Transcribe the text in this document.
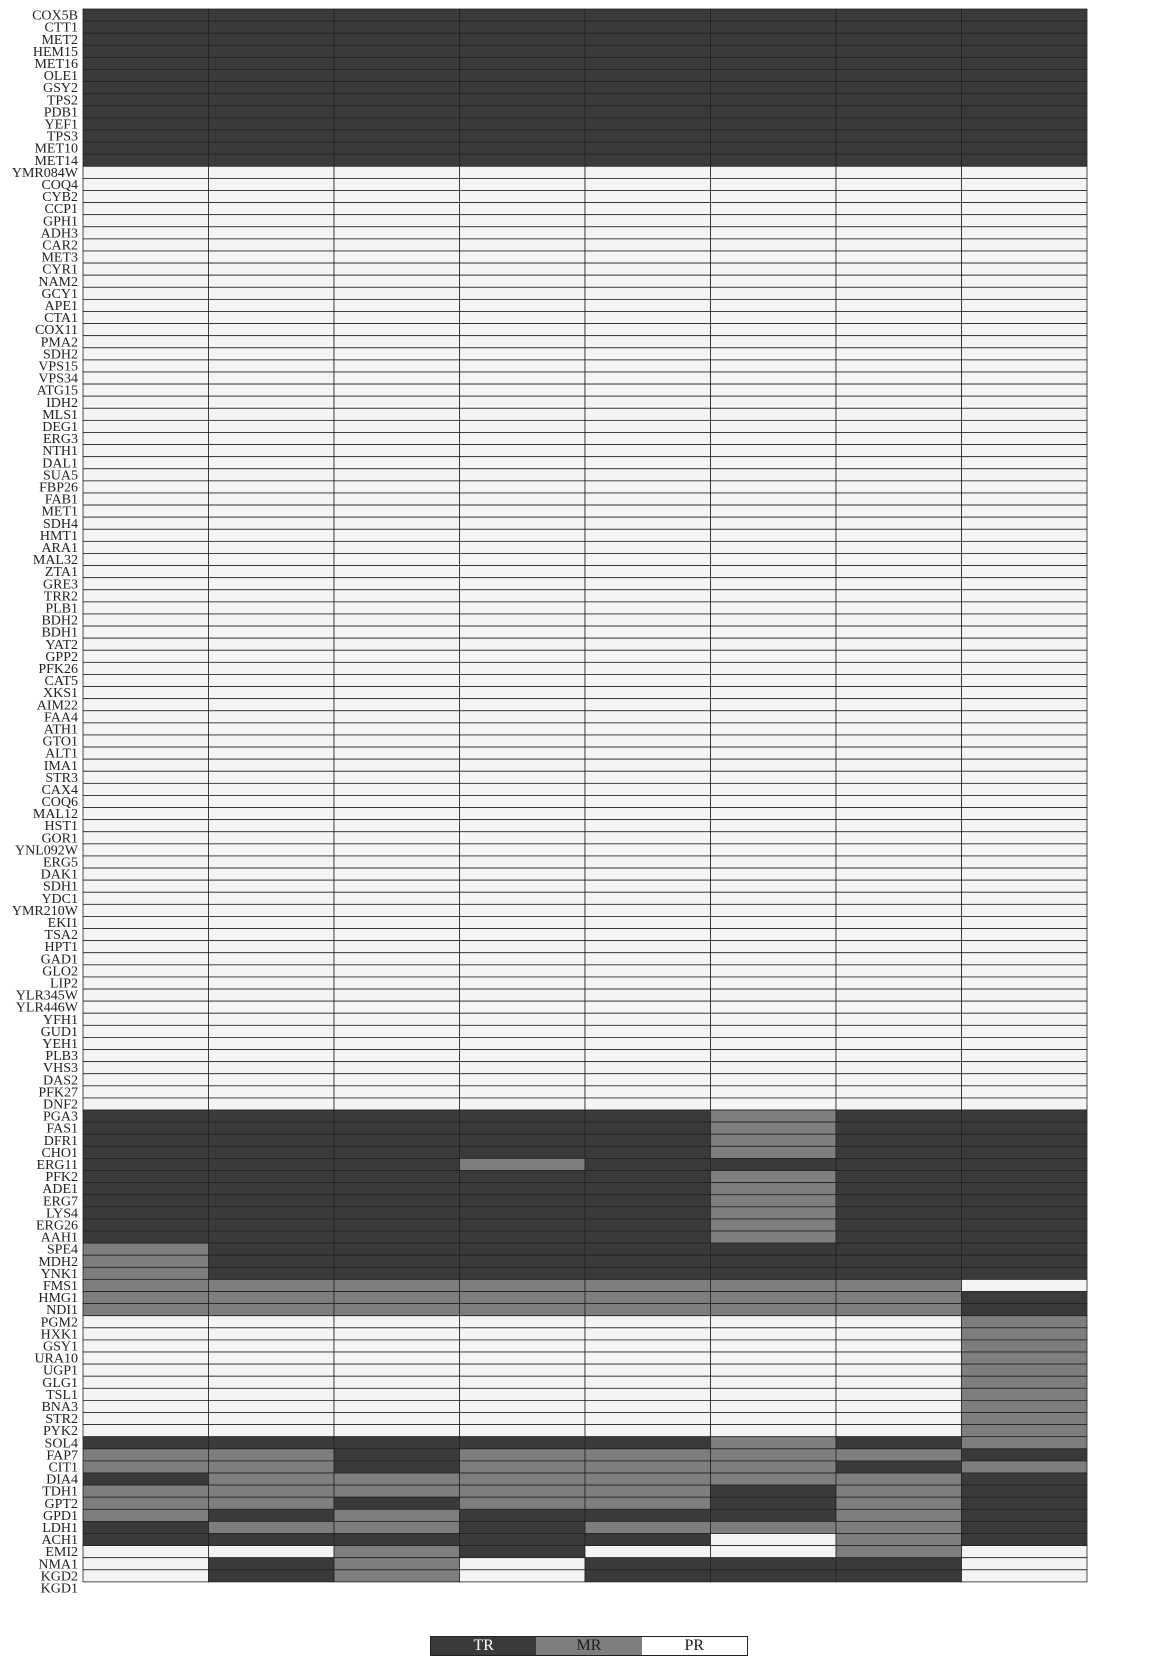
COX5B
CTT1
MET2
HEM15
MET16
OLE1
GSY2
TPS2
PDB1
YEF1
TPS3
MET10
MET14
YMR084W
COQ4
CYB2
CCP1
GPH1
ADH3
CAR2
MET3
CYR1
NAM2
GCY1
APE1
CTA1
COX11
PMA2
SDH2
VPS15
VPS34
ATG15
IDH2
MLS1
DEG1
ERG3
NTH1
DAL1
SUA5
FBP26
FAB1
MET1
SDH4
HMT1
ARA1
MAL32
ZTA1
GRE3
TRR2
PLB1
BDH2
BDH1
YAT2
GPP2
PFK26
CAT5
XKS1
AIM22
FAA4
ATH1
GTO1
ALT1
IMA1
STR3
CAX4
COQ6
MAL12
HST1
GOR1
YNL092W
ERG5
DAK1
SDH1
YDC1
YMR210W
EKI1
TSA2
HPT1
GAD1
GLO2
LIP2
YLR345W
YLR446W
YFH1
GUD1
YEH1
PLB3
VHS3
DAS2
PFK27
DNF2
PGA3
FAS1
DFR1
CHO1
ERG11
PFK2
ADE1
ERG7
LYS4
ERG26
AAH1
SPE4
MDH2
YNK1
FMS1
HMG1
NDI1
PGM2
HXK1
GSY1
URA10
UGP1
GLG1
TSL1
BNA3
STR2
PYK2
SOL4
FAP7
CIT1
DIA4
TDH1
GPT2
GPD1
LDH1
ACH1
EMI2
NMA1
KGD2
KGD1
TR	MR	PR
